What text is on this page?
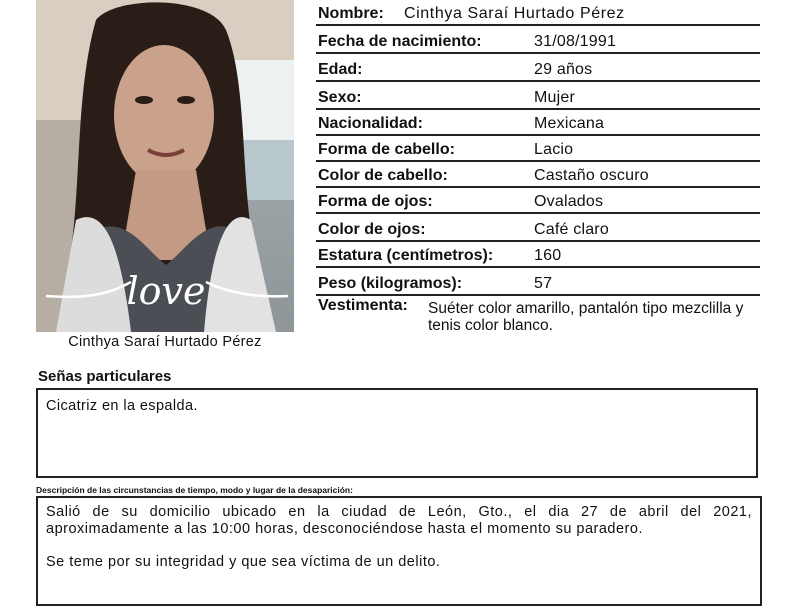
love
Cinthya Saraí Hurtado Pérez
Nombre: Cinthya Saraí Hurtado Pérez
Fecha de nacimiento:	31/08/1991
Edad:	29 años
Sexo:	Mujer
Nacionalidad:	Mexicana
Forma de cabello:	Lacio
Color de cabello:	Castaño oscuro
Forma de ojos:	Ovalados
Color de ojos:	Café claro
Estatura (centímetros):	160
Peso (kilogramos):	57
Vestimenta: Suéter color amarillo, pantalón tipo mezclilla y tenis color blanco.
Señas particulares
Cicatriz en la espalda.
Descripción de las circunstancias de tiempo, modo y lugar de la desaparición:

Salió de su domicilio ubicado en la ciudad de León, Gto., el dia 27 de abril del 2021, aproximadamente a las 10:00 horas, desconociéndose hasta el momento su paradero.

Se teme por su integridad y que sea víctima de un delito.
